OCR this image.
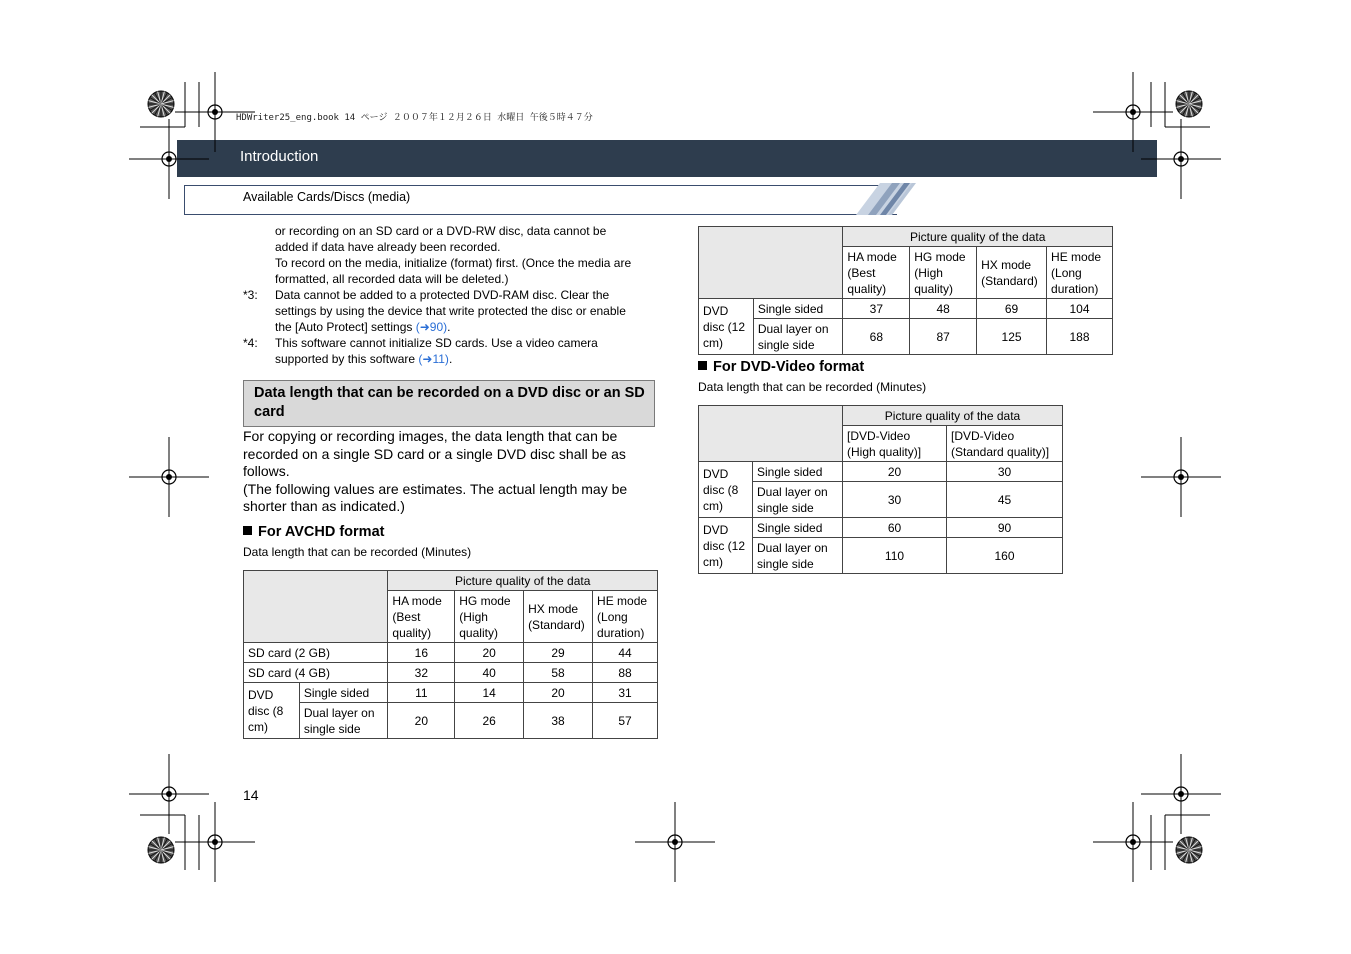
HDWriter25_eng.book 14 ページ ２００７年１２月２６日 水曜日 午後５時４７分
Introduction
Available Cards/Discs (media)
or recording on an SD card or a DVD-RW disc, data cannot be
added if data have already been recorded.
To record on the media, initialize (format) first. (Once the media are
formatted, all recorded data will be deleted.)
*3: Data cannot be added to a protected DVD-RAM disc. Clear the
settings by using the device that write protected the disc or enable
the [Auto Protect] settings (➜90).
*4: This software cannot initialize SD cards. Use a video camera
supported by this software (➜11).
Data length that can be recorded on a DVD disc or an SD card
For copying or recording images, the data length that can be recorded on a single SD card or a single DVD disc shall be as follows.
(The following values are estimates. The actual length may be shorter than as indicated.)
For AVCHD format
Data length that can be recorded (Minutes)
		Picture quality of the data			
		HA mode (Best quality)	HG mode (High quality)	HX mode (Standard)	HE mode (Long duration)
SD card (2 GB)		16	20	29	44
SD card (4 GB)		32	40	58	88
DVD disc (8 cm)	Single sided	11	14	20	31
	Dual layer on single side	20	26	38	57
		Picture quality of the data			
		HA mode (Best quality)	HG mode (High quality)	HX mode (Standard)	HE mode (Long duration)
DVD disc (12 cm)	Single sided	37	48	69	104
	Dual layer on single side	68	87	125	188
For DVD-Video format
Data length that can be recorded (Minutes)
		Picture quality of the data	
		[DVD-Video (High quality)]	[DVD-Video (Standard quality)]
DVD disc (8 cm)	Single sided	20	30
	Dual layer on single side	30	45
DVD disc (12 cm)	Single sided	60	90
	Dual layer on single side	110	160
14
